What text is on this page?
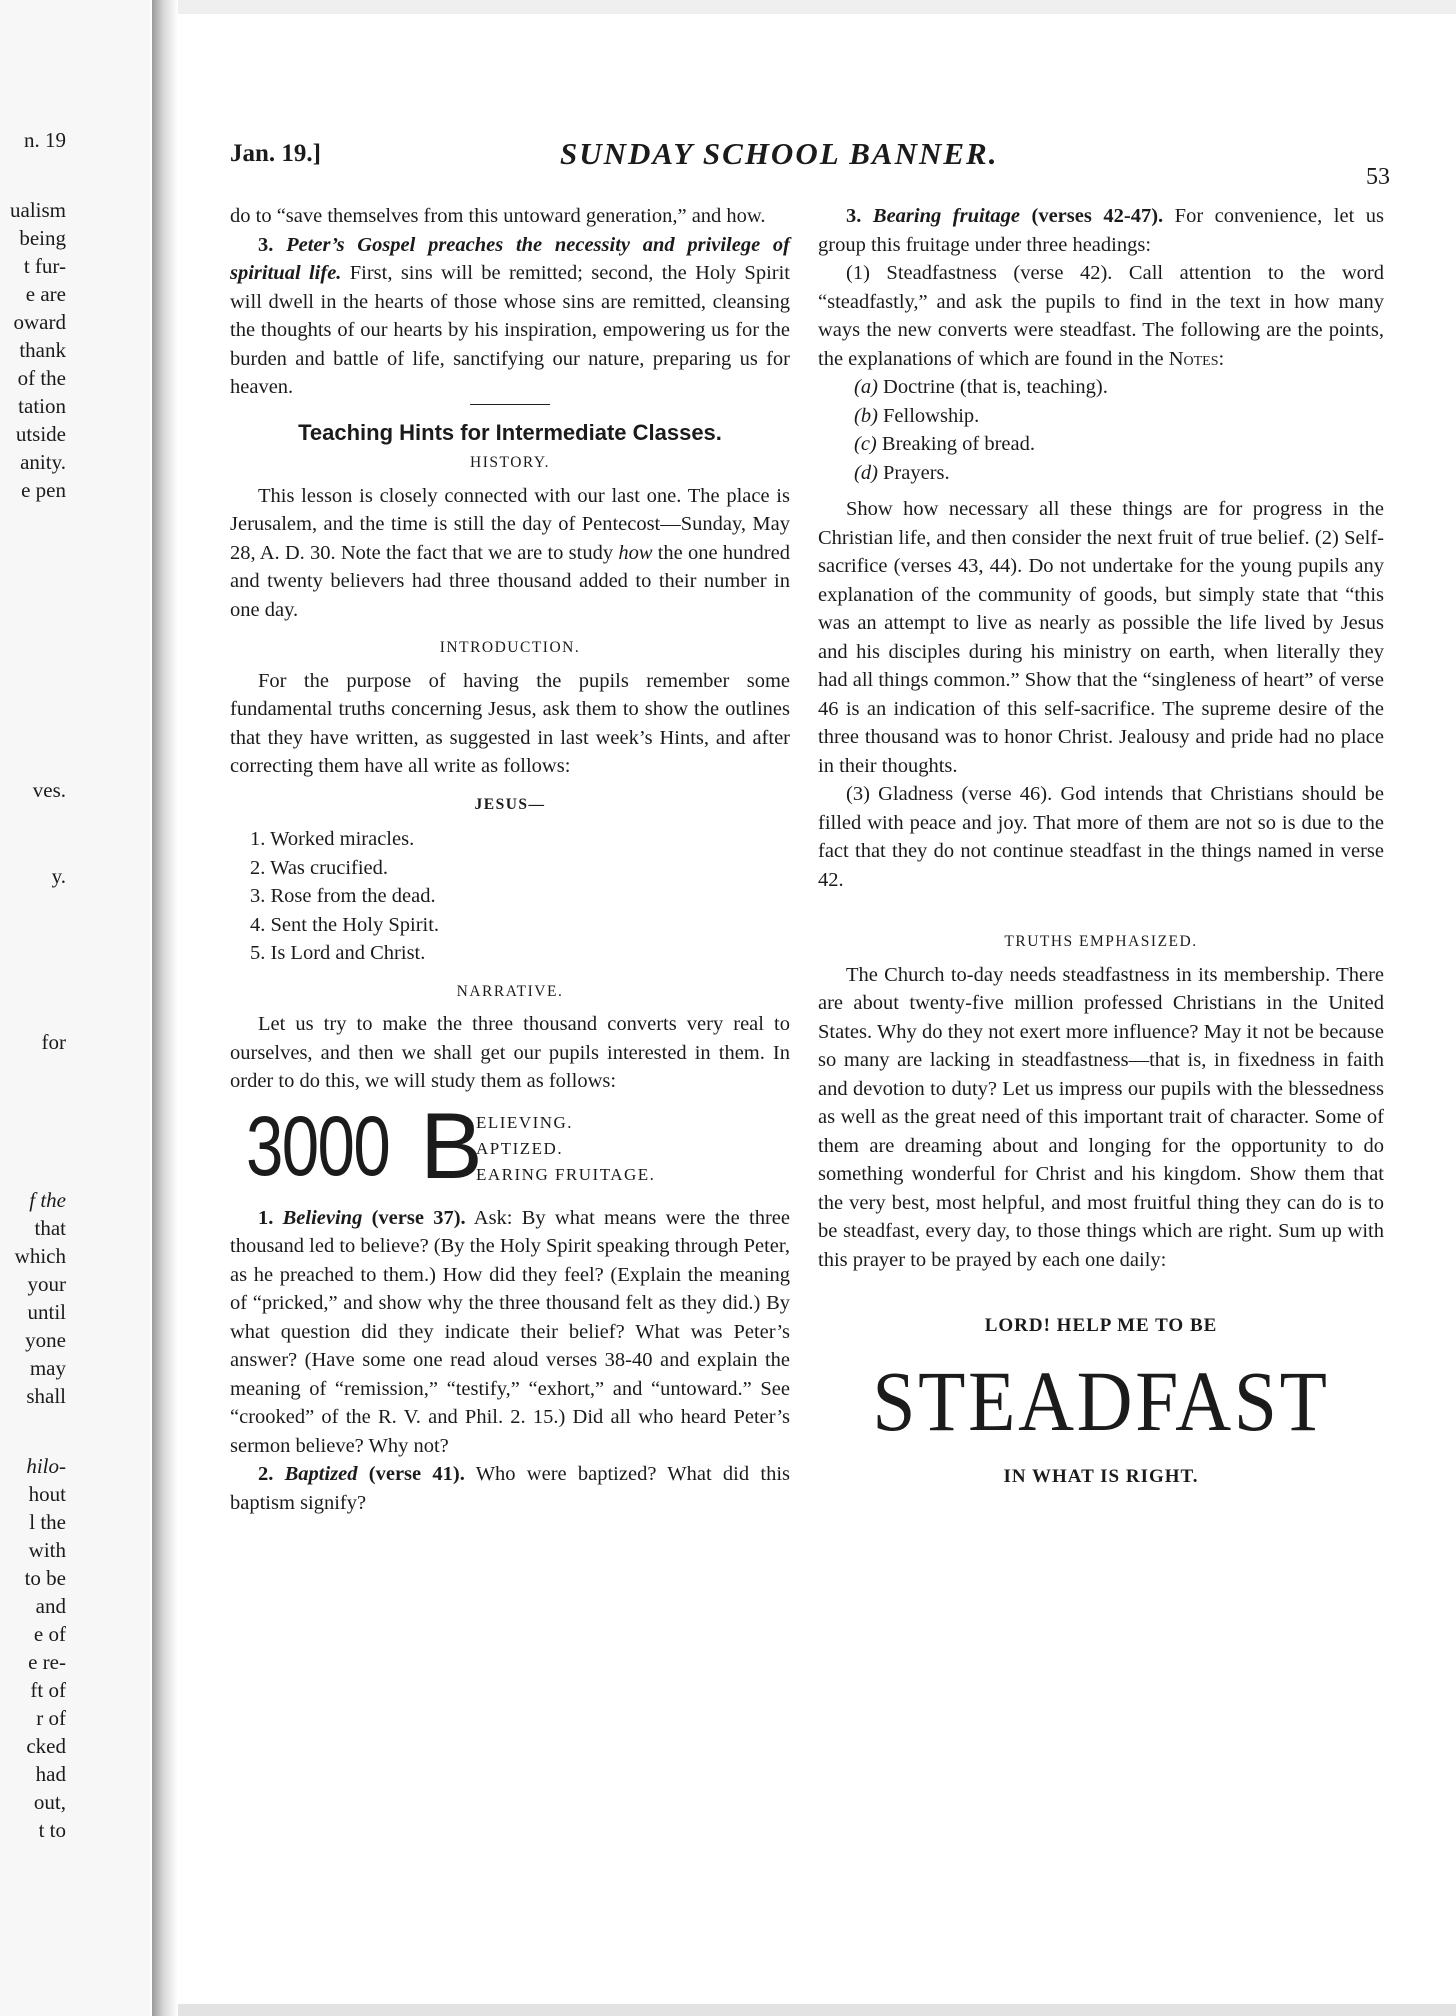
n. 19
ualism
being
t fur-
e are
oward
thank
of the
tation
utside
anity.
e pen
ves.
y.
for
f the
that
which
your
until
yone
may
shall
hilo-
hout
l the
with
to be
and
e of
e re-
ft of
r of
cked
had
out,
t to
Jan. 19.]	SUNDAY SCHOOL BANNER.
53

do to “save themselves from this untoward generation,” and how.

3. Peter’s Gospel preaches the necessity and privilege of spiritual life. First, sins will be remitted; second, the Holy Spirit will dwell in the hearts of those whose sins are remitted, cleansing the thoughts of our hearts by his inspiration, empowering us for the burden and battle of life, sanctifying our nature, preparing us for heaven.

Teaching Hints for Intermediate Classes.
HISTORY.

This lesson is closely connected with our last one. The place is Jerusalem, and the time is still the day of Pentecost—Sunday, May 28, A. D. 30. Note the fact that we are to study how the one hundred and twenty believers had three thousand added to their number in one day.

INTRODUCTION.

For the purpose of having the pupils remember some fundamental truths concerning Jesus, ask them to show the outlines that they have written, as suggested in last week’s Hints, and after correcting them have all write as follows:

JESUS—
1. Worked miracles.
2. Was crucified.
3. Rose from the dead.
4. Sent the Holy Spirit.
5. Is Lord and Christ.
NARRATIVE.

Let us try to make the three thousand converts very real to ourselves, and then we shall get our pupils interested in them. In order to do this, we will study them as follows:

3000 B
ELIEVING.
APTIZED.
EARING FRUITAGE.

1. Believing (verse 37). Ask: By what means were the three thousand led to believe? (By the Holy Spirit speaking through Peter, as he preached to them.) How did they feel? (Explain the meaning of “pricked,” and show why the three thousand felt as they did.) By what question did they indicate their belief? What was Peter’s answer? (Have some one read aloud verses 38-40 and explain the meaning of “remission,” “testify,” “exhort,” and “untoward.” See “crooked” of the R. V. and Phil. 2. 15.) Did all who heard Peter’s sermon believe? Why not?

2. Baptized (verse 41). Who were baptized? What did this baptism signify?

3. Bearing fruitage (verses 42-47). For convenience, let us group this fruitage under three headings:

(1) Steadfastness (verse 42). Call attention to the word “steadfastly,” and ask the pupils to find in the text in how many ways the new converts were steadfast. The following are the points, the explanations of which are found in the Notes:

(a) Doctrine (that is, teaching).
(b) Fellowship.
(c) Breaking of bread.
(d) Prayers.

Show how necessary all these things are for progress in the Christian life, and then consider the next fruit of true belief. (2) Self-sacrifice (verses 43, 44). Do not undertake for the young pupils any explanation of the community of goods, but simply state that “this was an attempt to live as nearly as possible the life lived by Jesus and his disciples during his ministry on earth, when literally they had all things common.” Show that the “singleness of heart” of verse 46 is an indication of this self-sacrifice. The supreme desire of the three thousand was to honor Christ. Jealousy and pride had no place in their thoughts.

(3) Gladness (verse 46). God intends that Christians should be filled with peace and joy. That more of them are not so is due to the fact that they do not continue steadfast in the things named in verse 42.

TRUTHS EMPHASIZED.

The Church to-day needs steadfastness in its membership. There are about twenty-five million professed Christians in the United States. Why do they not exert more influence? May it not be because so many are lacking in steadfastness—that is, in fixedness in faith and devotion to duty? Let us impress our pupils with the blessedness as well as the great need of this important trait of character. Some of them are dreaming about and longing for the opportunity to do something wonderful for Christ and his kingdom. Show them that the very best, most helpful, and most fruitful thing they can do is to be steadfast, every day, to those things which are right. Sum up with this prayer to be prayed by each one daily:

LORD! HELP ME TO BE
STEADFAST
IN WHAT IS RIGHT.
